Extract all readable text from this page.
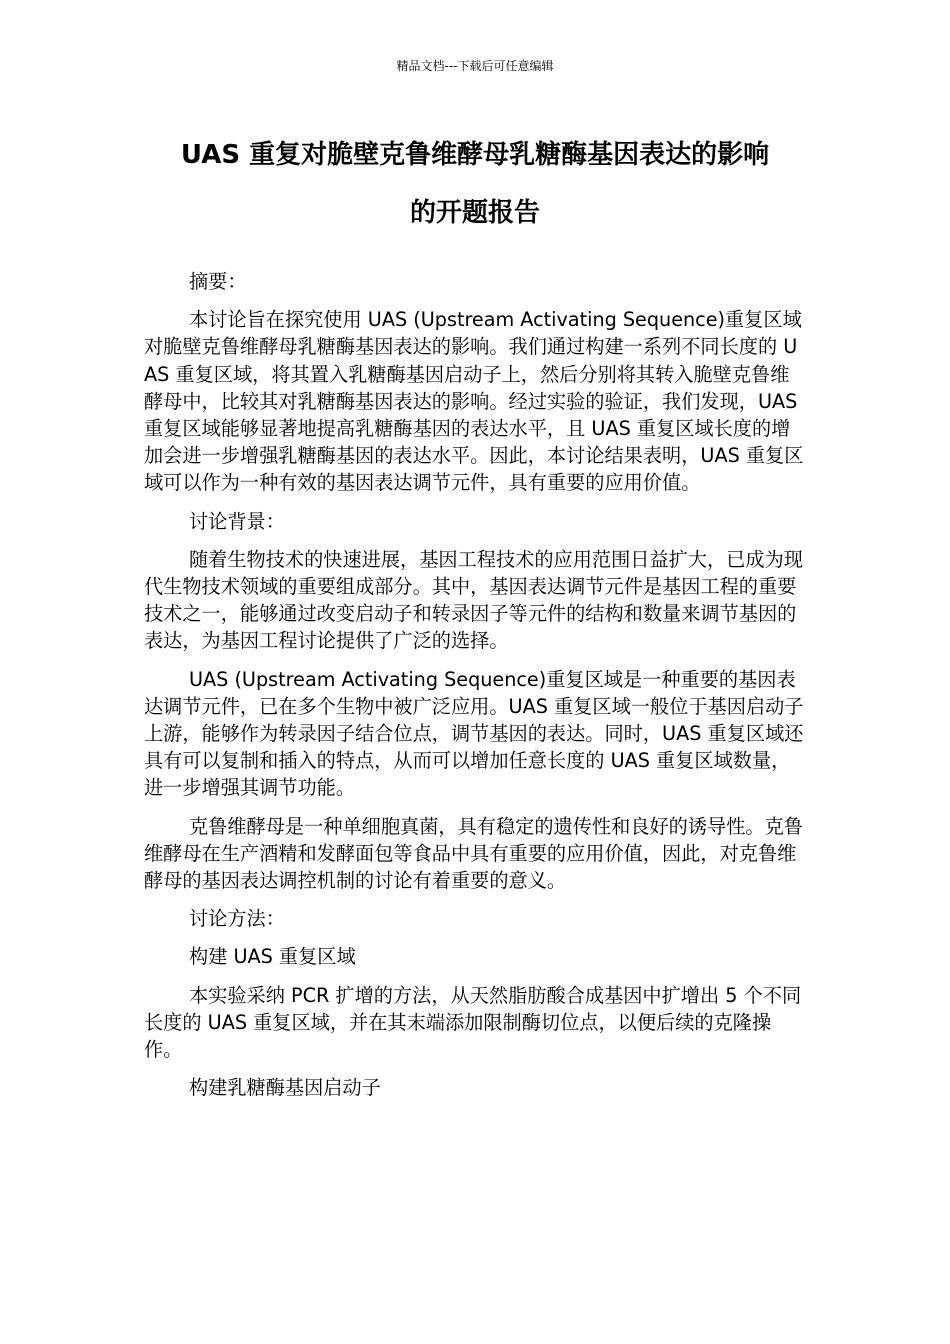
精品文档---下载后可任意编辑
UAS 重复对脆壁克鲁维酵母乳糖酶基因表达的影响
的开题报告

摘要：

本讨论旨在探究使用 UAS (Upstream Activating Sequence)重复区域对脆壁克鲁维酵母乳糖酶基因表达的影响。我们通过构建一系列不同长度的 UAS 重复区域，将其置入乳糖酶基因启动子上，然后分别将其转入脆壁克鲁维酵母中，比较其对乳糖酶基因表达的影响。经过实验的验证，我们发现，UAS 重复区域能够显著地提高乳糖酶基因的表达水平，且 UAS 重复区域长度的增加会进一步增强乳糖酶基因的表达水平。因此，本讨论结果表明，UAS 重复区域可以作为一种有效的基因表达调节元件，具有重要的应用价值。

讨论背景：

随着生物技术的快速进展，基因工程技术的应用范围日益扩大，已成为现代生物技术领域的重要组成部分。其中，基因表达调节元件是基因工程的重要技术之一，能够通过改变启动子和转录因子等元件的结构和数量来调节基因的表达，为基因工程讨论提供了广泛的选择。

UAS (Upstream Activating Sequence)重复区域是一种重要的基因表达调节元件，已在多个生物中被广泛应用。UAS 重复区域一般位于基因启动子上游，能够作为转录因子结合位点，调节基因的表达。同时，UAS 重复区域还具有可以复制和插入的特点，从而可以增加任意长度的 UAS 重复区域数量，进一步增强其调节功能。

克鲁维酵母是一种单细胞真菌，具有稳定的遗传性和良好的诱导性。克鲁维酵母在生产酒精和发酵面包等食品中具有重要的应用价值，因此，对克鲁维酵母的基因表达调控机制的讨论有着重要的意义。

讨论方法：

构建 UAS 重复区域

本实验采纳 PCR 扩增的方法，从天然脂肪酸合成基因中扩增出 5 个不同长度的 UAS 重复区域，并在其末端添加限制酶切位点，以便后续的克隆操作。

构建乳糖酶基因启动子
